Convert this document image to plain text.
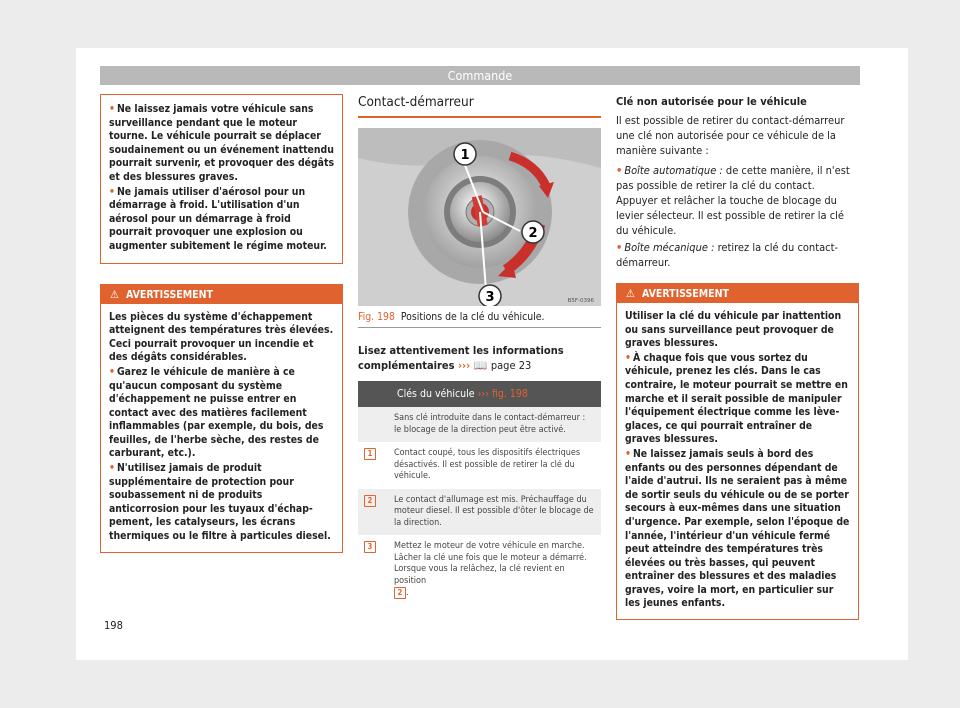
Commande
• Ne laissez jamais votre véhicule sans surveillance pendant que le moteur tourne. Le véhicule pourrait se déplacer soudainement ou un événement inattendu pourrait survenir, et provoquer des dégâts et des blessures graves.
• Ne jamais utiliser d'aérosol pour un démarrage à froid. L'utilisation d'un aérosol pour un démarrage à froid pourrait provoquer une explosion ou augmenter subitement le régime moteur.
⚠ AVERTISSEMENT

Les pièces du système d'échappement atteignent des températures très élevées. Ceci pourrait provoquer un incendie et des dégâts considérables.

• Garez le véhicule de manière à ce qu'aucun composant du système d'échappement ne puisse entrer en contact avec des matières facilement inflammables (par exemple, du bois, des feuilles, de l'herbe sèche, des restes de carburant, etc.).

• N'utilisez jamais de produit supplémentaire de protection pour soubassement ni de produits anticorrosion pour les tuyaux d'échappement, les catalyseurs, les écrans thermiques ou le filtre à particules diesel.

Contact-démarreur
1
2
3	B5F-0396
Fig. 198 Positions de la clé du véhicule.
Lisez attentivement les informations complémentaires ››› 📖 page 23
Clés du véhicule ››› fig. 198	
	Sans clé introduite dans le contact-démarreur : le blocage de la direction peut être activé.
1	Contact coupé, tous les dispositifs électriques désactivés. Il est possible de retirer la clé du véhicule.
2	Le contact d'allumage est mis. Préchauffage du moteur diesel. Il est possible d'ôter le blocage de la direction.
3	Mettez le moteur de votre véhicule en marche. Lâcher la clé une fois que le moteur a démarré. Lorsque vous la relâchez, la clé revient en position
2 .

Clé non autorisée pour le véhicule

Il est possible de retirer du contact-démarreur une clé non autorisée pour ce véhicule de la manière suivante :

• Boîte automatique : de cette manière, il n'est pas possible de retirer la clé du contact. Appuyer et relâcher la touche de blocage du levier sélecteur. Il est possible de retirer la clé du véhicule.

• Boîte mécanique : retirez la clé du contact-démarreur.

⚠ AVERTISSEMENT

Utiliser la clé du véhicule par inattention ou sans surveillance peut provoquer de graves blessures.

• À chaque fois que vous sortez du véhicule, prenez les clés. Dans le cas contraire, le moteur pourrait se mettre en marche et il serait possible de manipuler l'équipement électrique comme les lève-glaces, ce qui pourrait entraîner de graves blessures.

• Ne laissez jamais seuls à bord des enfants ou des personnes dépendant de l'aide d'autrui. Ils ne seraient pas à même de sortir seuls du véhicule ou de se porter secours à eux-mêmes dans une situation d'urgence. Par exemple, selon l'époque de l'année, l'intérieur d'un véhicule fermé peut atteindre des températures très élevées ou très basses, qui peuvent entraîner des blessures et des maladies graves, voire la mort, en particulier sur les jeunes enfants.

198
